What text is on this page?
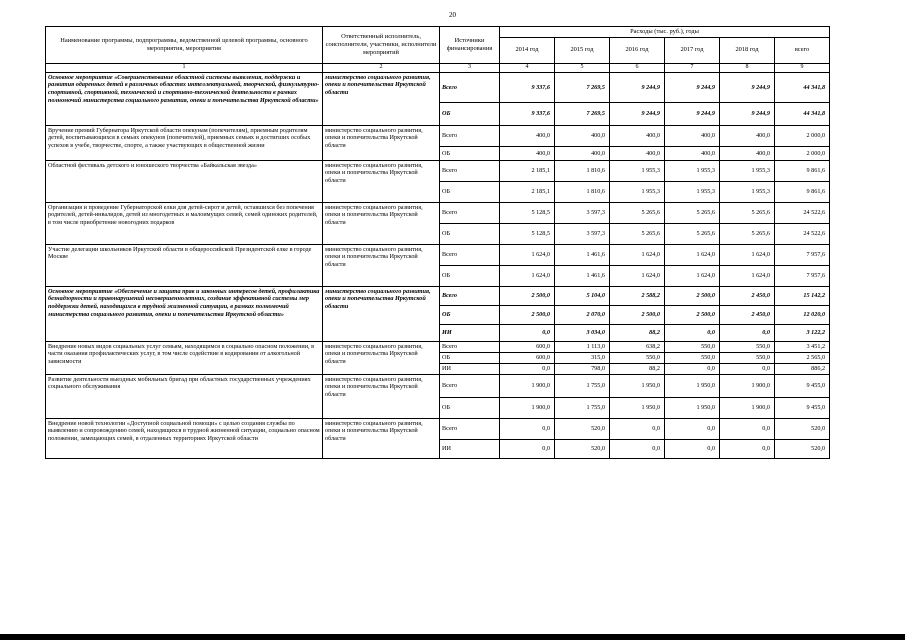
20
Наименование программы, подпрограммы, ведомственной целевой программы, основного мероприятия, мероприятия	Ответственный исполнитель, соисполнители, участники, исполнители мероприятий	Источники финансирования	Расходы (тыс. руб.), годы					
			2014 год	2015 год	2016 год	2017 год	2018 год	всего
1	2	3	4	5	6	7	8	9
Основное мероприятие «Совершенствование областной системы выявления, поддержки и развития одаренных детей в различных областях интеллектуальной, творческой, физкультурно-спортивной, спортивной, технической и спортивно-технической деятельности в рамках полномочий министерства социального развития, опеки и попечительства Иркутской области»	министерство социального развития, опеки и попечительства Иркутской области	Всего	9 337,6	7 269,5	9 244,9	9 244,9	9 244,9	44 341,8
		ОБ	9 337,6	7 269,5	9 244,9	9 244,9	9 244,9	44 341,8
Вручение премий Губернатора Иркутской области опекунам (попечителям), приемным родителям детей, воспитывающихся в семьях опекунов (попечителей), приемных семьях и достигших особых успехов в учебе, творчестве, спорте, а также участвующих в общественной жизни	министерство социального развития, опеки и попечительства Иркутской области	Всего	400,0	400,0	400,0	400,0	400,0	2 000,0
		ОБ	400,0	400,0	400,0	400,0	400,0	2 000,0
Областной фестиваль детского и юношеского творчества «Байкальская звезда»	министерство социального развития, опеки и попечительства Иркутской области	Всего	2 185,1	1 810,6	1 955,3	1 955,3	1 955,3	9 861,6
		ОБ	2 185,1	1 810,6	1 955,3	1 955,3	1 955,3	9 861,6
Организация и проведение Губернаторской елки для детей-сирот и детей, оставшихся без попечения родителей, детей-инвалидов, детей из многодетных и малоимущих семей, семей одиноких родителей, в том числе приобретение новогодних подарков	министерство социального развития, опеки и попечительства Иркутской области	Всего	5 128,5	3 597,3	5 265,6	5 265,6	5 265,6	24 522,6
		ОБ	5 128,5	3 597,3	5 265,6	5 265,6	5 265,6	24 522,6
Участие делегации школьников Иркутской области в общероссийской Президентской елке в городе Москве	министерство социального развития, опеки и попечительства Иркутской области	Всего	1 624,0	1 461,6	1 624,0	1 624,0	1 624,0	7 957,6
		ОБ	1 624,0	1 461,6	1 624,0	1 624,0	1 624,0	7 957,6
Основное мероприятие «Обеспечение и защита прав и законных интересов детей, профилактика безнадзорности и правонарушений несовершеннолетних, создание эффективной системы мер поддержки детей, находящихся в трудной жизненной ситуации, в рамках полномочий министерства социального развития, опеки и попечительства Иркутской области»	министерство социального развития, опеки и попечительства Иркутской области	Всего	2 500,0	5 104,0	2 588,2	2 500,0	2 450,0	15 142,2
		ОБ	2 500,0	2 070,0	2 500,0	2 500,0	2 450,0	12 020,0
		ИИ	0,0	3 034,0	88,2	0,0	0,0	3 122,2
Внедрение новых видов социальных услуг семьям, находящимся в социально опасном положении, в части оказания профилактических услуг, в том числе содействие в кодировании от алкогольной зависимости	министерство социального развития, опеки и попечительства Иркутской области	Всего	600,0	1 113,0	638,2	550,0	550,0	3 451,2
		ОБ	600,0	315,0	550,0	550,0	550,0	2 565,0
		ИИ	0,0	798,0	88,2	0,0	0,0	886,2
Развитие деятельности выездных мобильных бригад при областных государственных учреждениях социального обслуживания	министерство социального развития, опеки и попечительства Иркутской области	Всего	1 900,0	1 755,0	1 950,0	1 950,0	1 900,0	9 455,0
		ОБ	1 900,0	1 755,0	1 950,0	1 950,0	1 900,0	9 455,0
Внедрение новой технологии «Доступной социальной помощи» с целью создания службы по выявлению и сопровождению семей, находящихся в трудной жизненной ситуации, социально опасном положении, замещающих семей, в отдаленных территориях Иркутской области	министерство социального развития, опеки и попечительства Иркутской области	Всего	0,0	520,0	0,0	0,0	0,0	520,0
		ИИ	0,0	520,0	0,0	0,0	0,0	520,0
